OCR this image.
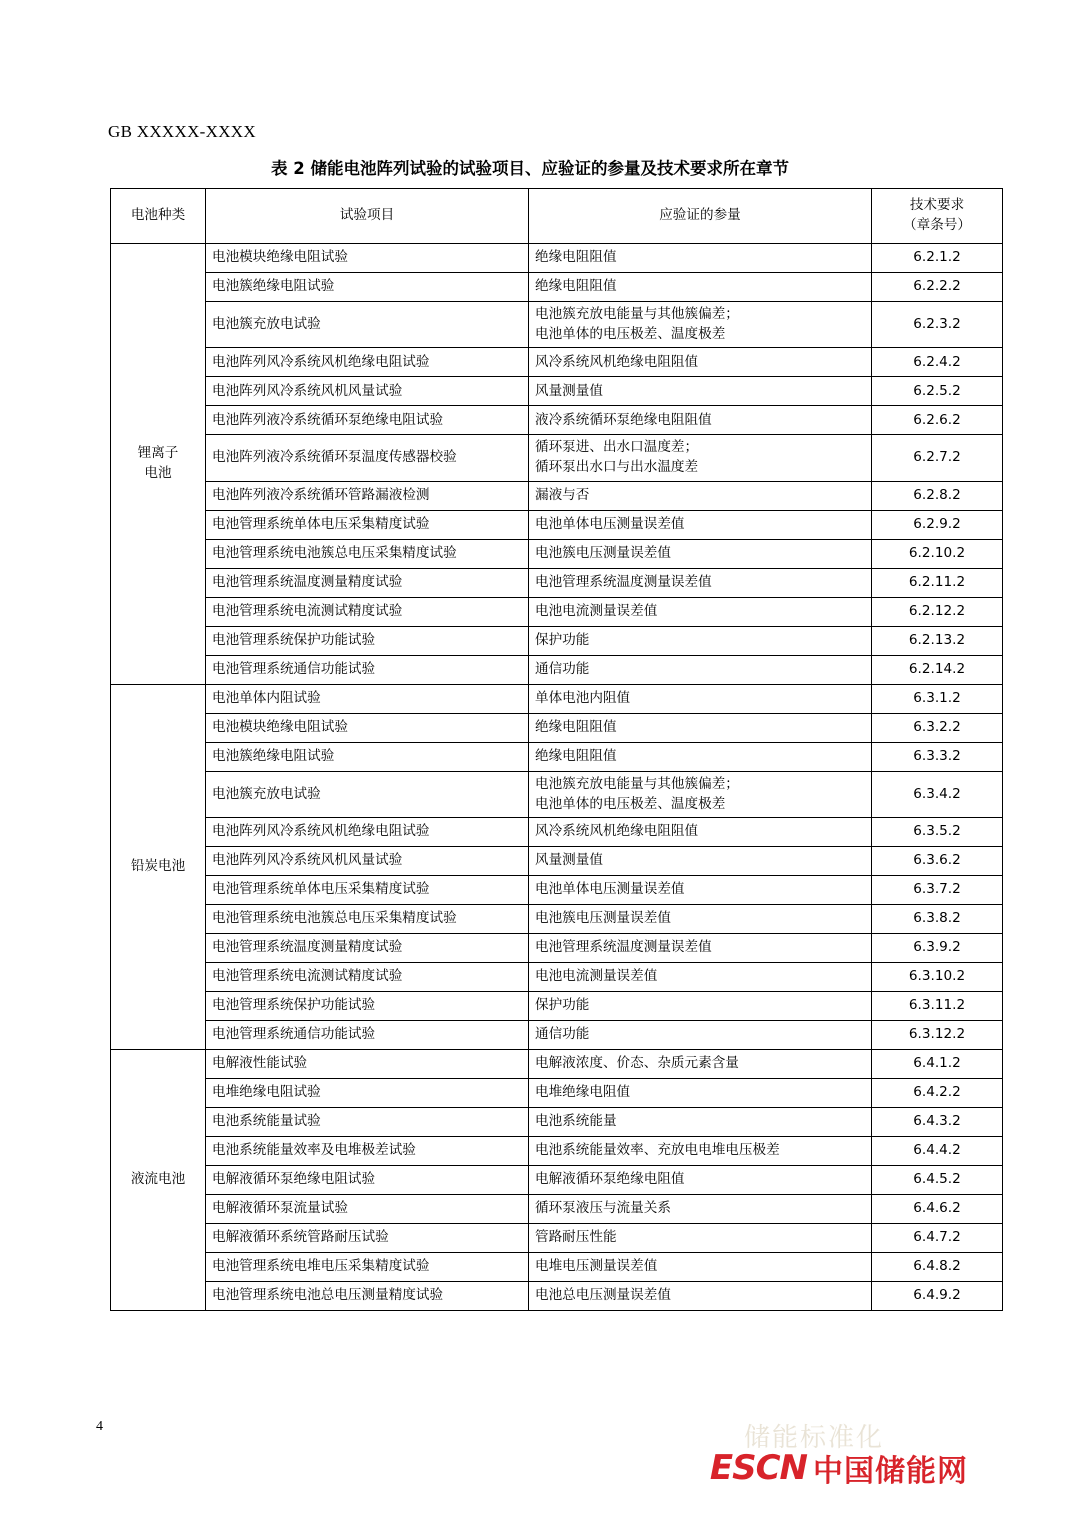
GB XXXXX-XXXX
表 2 储能电池阵列试验的试验项目、应验证的参量及技术要求所在章节
电池种类	试验项目	应验证的参量	技术要求
（章条号）

锂离子
电池	电池模块绝缘电阻试验	绝缘电阻阻值	6.2.1.2
	电池簇绝缘电阻试验	绝缘电阻阻值	6.2.2.2
	电池簇充放电试验	电池簇充放电能量与其他簇偏差；
电池单体的电压极差、温度极差	6.2.3.2
	电池阵列风冷系统风机绝缘电阻试验	风冷系统风机绝缘电阻阻值	6.2.4.2
	电池阵列风冷系统风机风量试验	风量测量值	6.2.5.2
	电池阵列液冷系统循环泵绝缘电阻试验	液冷系统循环泵绝缘电阻阻值	6.2.6.2
	电池阵列液冷系统循环泵温度传感器校验	循环泵进、出水口温度差；
循环泵出水口与出水温度差	6.2.7.2
	电池阵列液冷系统循环管路漏液检测	漏液与否	6.2.8.2
	电池管理系统单体电压采集精度试验	电池单体电压测量误差值	6.2.9.2
	电池管理系统电池簇总电压采集精度试验	电池簇电压测量误差值	6.2.10.2
	电池管理系统温度测量精度试验	电池管理系统温度测量误差值	6.2.11.2
	电池管理系统电流测试精度试验	电池电流测量误差值	6.2.12.2
	电池管理系统保护功能试验	保护功能	6.2.13.2
	电池管理系统通信功能试验	通信功能	6.2.14.2

铅炭电池	电池单体内阻试验	单体电池内阻值	6.3.1.2
	电池模块绝缘电阻试验	绝缘电阻阻值	6.3.2.2
	电池簇绝缘电阻试验	绝缘电阻阻值	6.3.3.2
	电池簇充放电试验	电池簇充放电能量与其他簇偏差；
电池单体的电压极差、温度极差	6.3.4.2
	电池阵列风冷系统风机绝缘电阻试验	风冷系统风机绝缘电阻阻值	6.3.5.2
	电池阵列风冷系统风机风量试验	风量测量值	6.3.6.2
	电池管理系统单体电压采集精度试验	电池单体电压测量误差值	6.3.7.2
	电池管理系统电池簇总电压采集精度试验	电池簇电压测量误差值	6.3.8.2
	电池管理系统温度测量精度试验	电池管理系统温度测量误差值	6.3.9.2
	电池管理系统电流测试精度试验	电池电流测量误差值	6.3.10.2
	电池管理系统保护功能试验	保护功能	6.3.11.2
	电池管理系统通信功能试验	通信功能	6.3.12.2

液流电池	电解液性能试验	电解液浓度、价态、杂质元素含量	6.4.1.2
	电堆绝缘电阻试验	电堆绝缘电阻值	6.4.2.2
	电池系统能量试验	电池系统能量	6.4.3.2
	电池系统能量效率及电堆极差试验	电池系统能量效率、充放电电堆电压极差	6.4.4.2
	电解液循环泵绝缘电阻试验	电解液循环泵绝缘电阻值	6.4.5.2
	电解液循环泵流量试验	循环泵液压与流量关系	6.4.6.2
	电解液循环系统管路耐压试验	管路耐压性能	6.4.7.2
	电池管理系统电堆电压采集精度试验	电堆电压测量误差值	6.4.8.2
	电池管理系统电池总电压测量精度试验	电池总电压测量误差值	6.4.9.2
4	储能标准化
ESCN 中国储能网
